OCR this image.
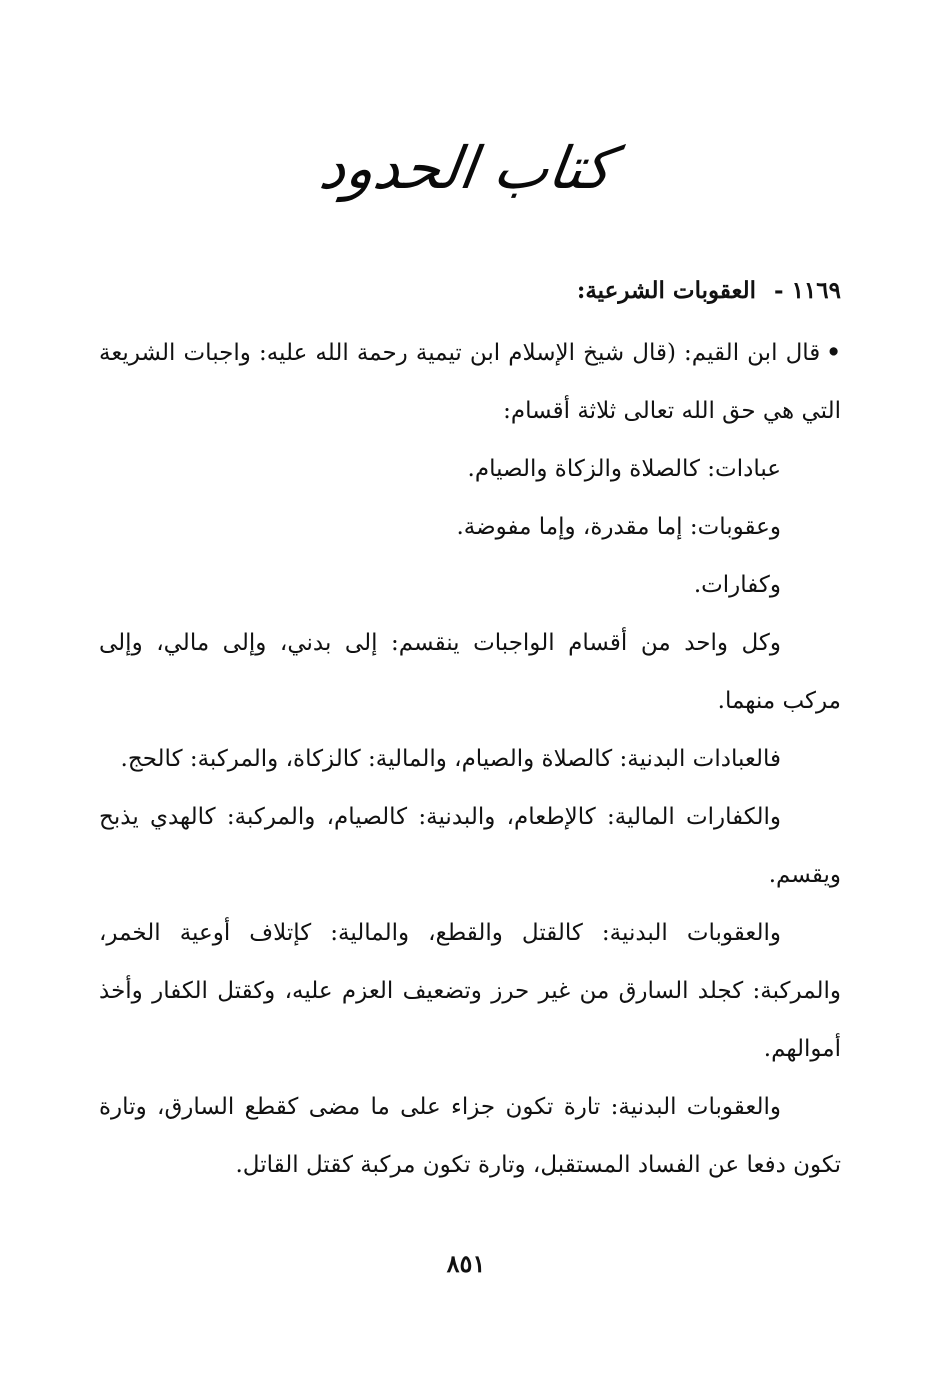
كتاب الحدود
١١٦٩ - العقوبات الشرعية:

•قال ابن القيم: (قال شيخ الإسلام ابن تيمية رحمة الله عليه: واجبات الشريعة التي هي حق الله تعالى ثلاثة أقسام:

عبادات: كالصلاة والزكاة والصيام.

وعقوبات: إما مقدرة، وإما مفوضة.

وكفارات.

وكل واحد من أقسام الواجبات ينقسم: إلى بدني، وإلى مالي، وإلى مركب منهما.

فالعبادات البدنية: كالصلاة والصيام، والمالية: كالزكاة، والمركبة: كالحج.

والكفارات المالية: كالإطعام، والبدنية: كالصيام، والمركبة: كالهدي يذبح ويقسم.

والعقوبات البدنية: كالقتل والقطع، والمالية: كإتلاف أوعية الخمر، والمركبة: كجلد السارق من غير حرز وتضعيف العزم عليه، وكقتل الكفار وأخذ أموالهم.

والعقوبات البدنية: تارة تكون جزاء على ما مضى كقطع السارق، وتارة تكون دفعا عن الفساد المستقبل، وتارة تكون مركبة كقتل القاتل.

٨٥١
